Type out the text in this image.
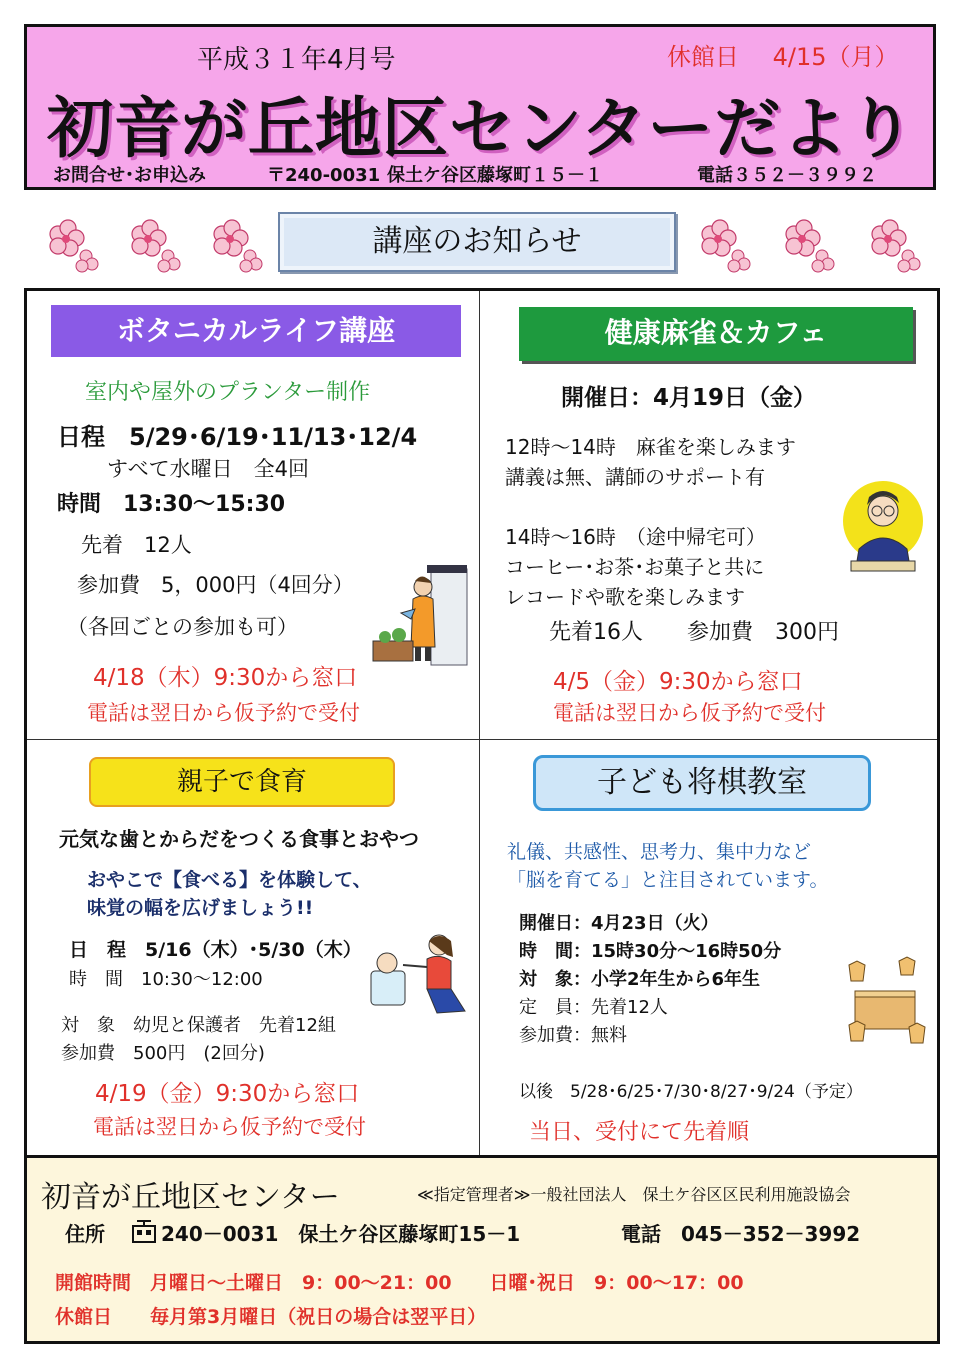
平成３１年4月号	休館日 4/15（月）
初音が丘地区センターだより
お問合せ･お申込み	〒240-0031 保土ケ谷区藤塚町１５－１	電話３５２－３９９２
講座のお知らせ
ボタニカルライフ講座
室内や屋外のプランター制作
日程　5/29･6/19･11/13･12/4
すべて水曜日　全4回
時間　13:30～15:30
先着　12人
参加費　5，000円（4回分）
（各回ごとの参加も可）
4/18（木）9:30から窓口
電話は翌日から仮予約で受付
健康麻雀＆カフェ
開催日：4月19日（金）
12時～14時　麻雀を楽しみます
講義は無、講師のサポート有
14時～16時　（途中帰宅可）
コーヒー･お茶･お菓子と共に
レコードや歌を楽しみます
先着16人　　参加費　300円
4/5（金）9:30から窓口
電話は翌日から仮予約で受付
親子で食育
元気な歯とからだをつくる食事とおやつ
おやこで【食べる】を体験して、
味覚の幅を広げましょう!!
日　程　5/16（木）･5/30（木）
時　間　10:30～12:00
対　象　幼児と保護者　先着12組
参加費　500円　(2回分)
4/19（金）9:30から窓口
電話は翌日から仮予約で受付
子ども将棋教室
礼儀、共感性、思考力、集中力など
「脳を育てる」と注目されています。
開催日：4月23日（火）
時　間：15時30分～16時50分
対　象：小学2年生から6年生
定　員：先着12人
参加費：無料
以後　5/28･6/25･7/30･8/27･9/24（予定）
当日、受付にて先着順
初音が丘地区センター	≪指定管理者≫一般社団法人　保土ケ谷区区民利用施設協会
住所	240－0031　保土ケ谷区藤塚町15－1	電話　045－352－3992
開館時間　月曜日～土曜日　9：00～21：00　　日曜･祝日　9：00～17：00
休館日　　毎月第3月曜日（祝日の場合は翌平日）
